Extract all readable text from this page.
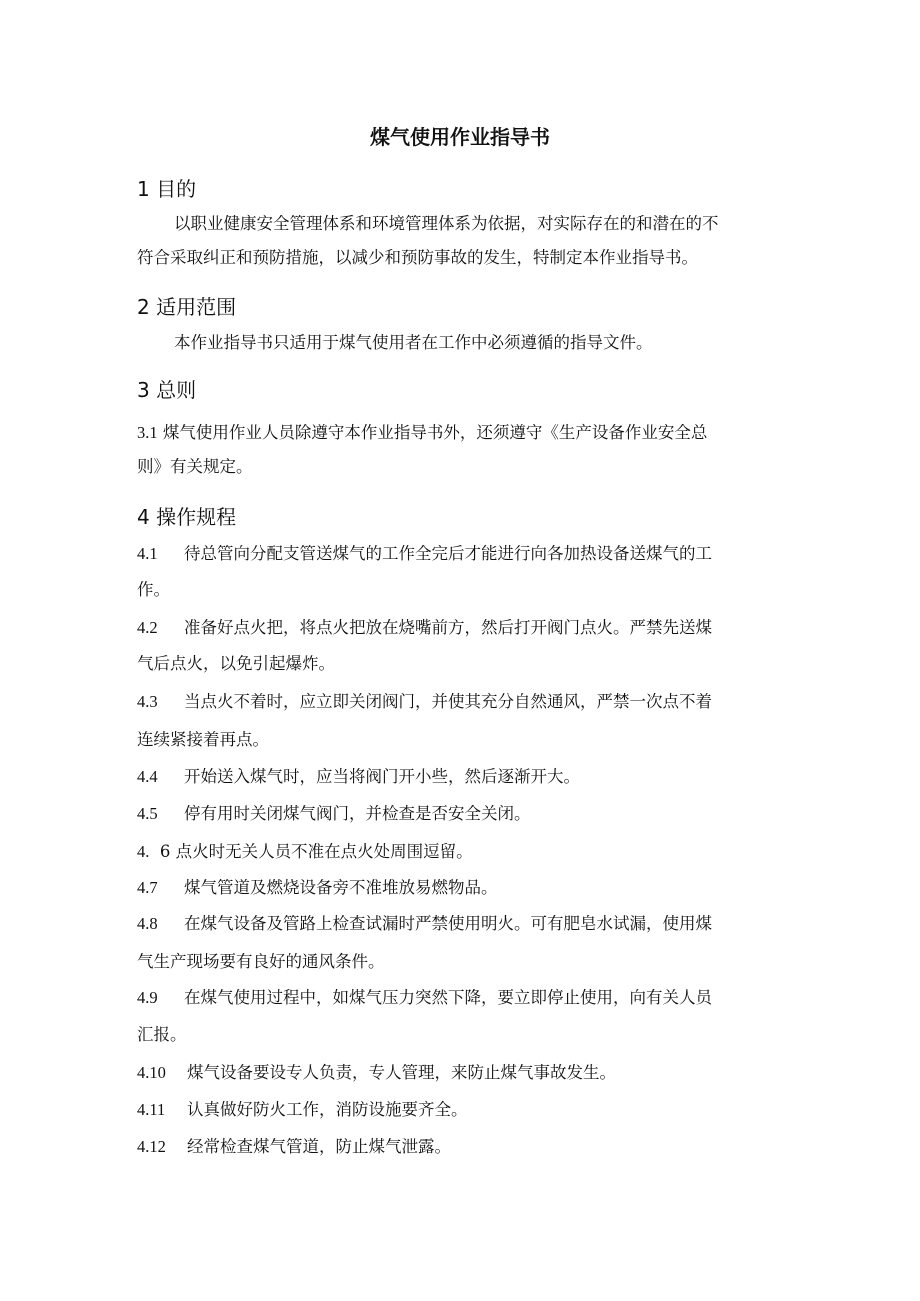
煤气使用作业指导书
1 目的
以职业健康安全管理体系和环境管理体系为依据，对实际存在的和潜在的不
符合采取纠正和预防措施，以减少和预防事故的发生，特制定本作业指导书。
2 适用范围
本作业指导书只适用于煤气使用者在工作中必须遵循的指导文件。
3 总则
3.1 煤气使用作业人员除遵守本作业指导书外，还须遵守《生产设备作业安全总
则》有关规定。
4 操作规程
4.1 待总管向分配支管送煤气的工作全完后才能进行向各加热设备送煤气的工
作。
4.2 准备好点火把，将点火把放在烧嘴前方，然后打开阀门点火。严禁先送煤
气后点火，以免引起爆炸。
4.3 当点火不着时，应立即关闭阀门，并使其充分自然通风，严禁一次点不着
连续紧接着再点。
4.4 开始送入煤气时，应当将阀门开小些，然后逐渐开大。
4.5 停有用时关闭煤气阀门，并检查是否安全关闭。
4. 6 点火时无关人员不准在点火处周围逗留。
4.7 煤气管道及燃烧设备旁不准堆放易燃物品。
4.8 在煤气设备及管路上检查试漏时严禁使用明火。可有肥皂水试漏，使用煤
气生产现场要有良好的通风条件。
4.9 在煤气使用过程中，如煤气压力突然下降，要立即停止使用，向有关人员
汇报。
4.10 煤气设备要设专人负责，专人管理，来防止煤气事故发生。
4.11 认真做好防火工作，消防设施要齐全。
4.12 经常检查煤气管道，防止煤气泄露。
